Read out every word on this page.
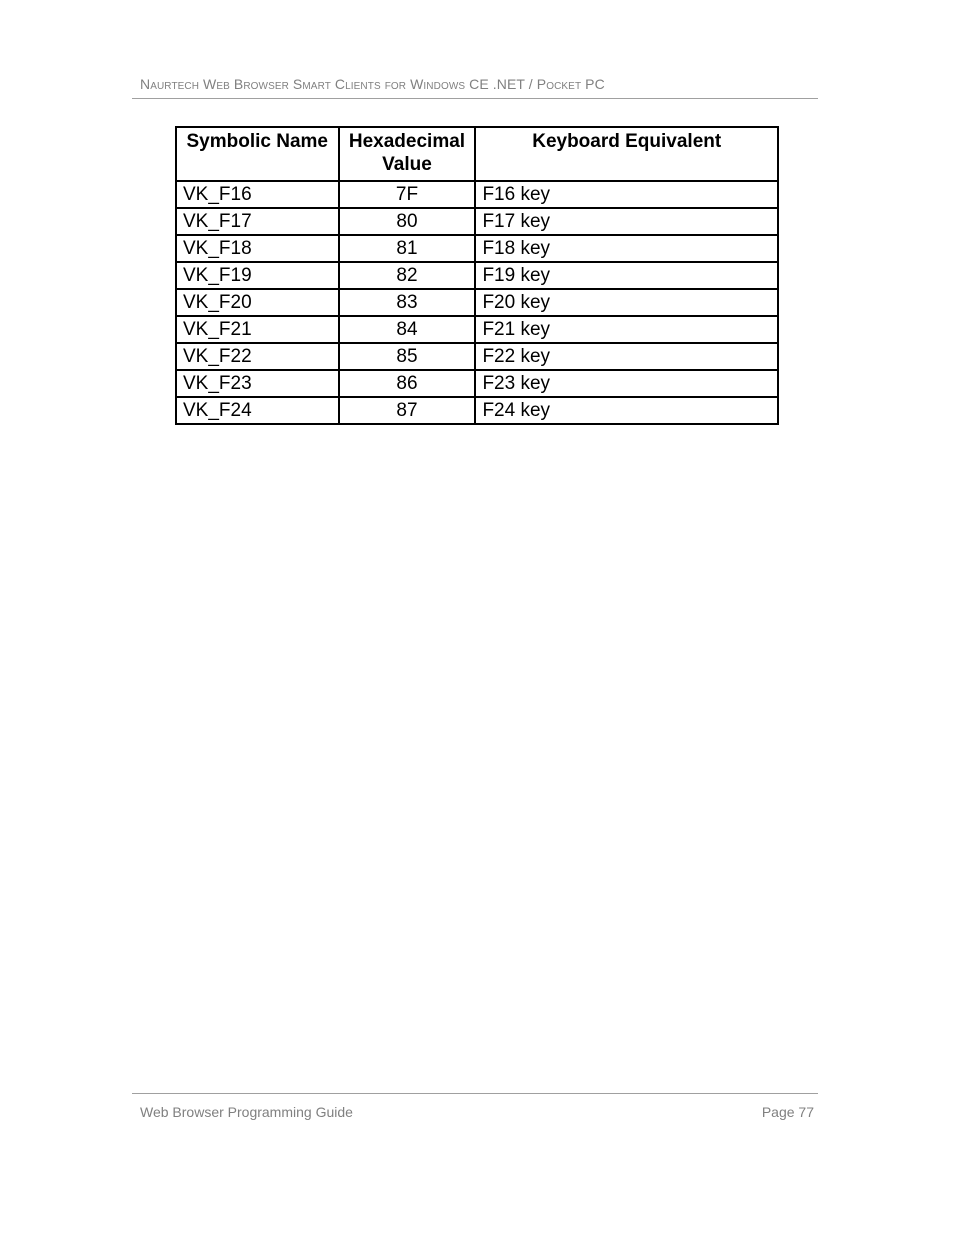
Naurtech Web Browser Smart Clients for Windows CE .NET / Pocket PC
Symbolic Name	Hexadecimal Value	Keyboard Equivalent
VK_F16	7F	F16 key
VK_F17	80	F17 key
VK_F18	81	F18 key
VK_F19	82	F19 key
VK_F20	83	F20 key
VK_F21	84	F21 key
VK_F22	85	F22 key
VK_F23	86	F23 key
VK_F24	87	F24 key
Web Browser Programming Guide	Page 77
